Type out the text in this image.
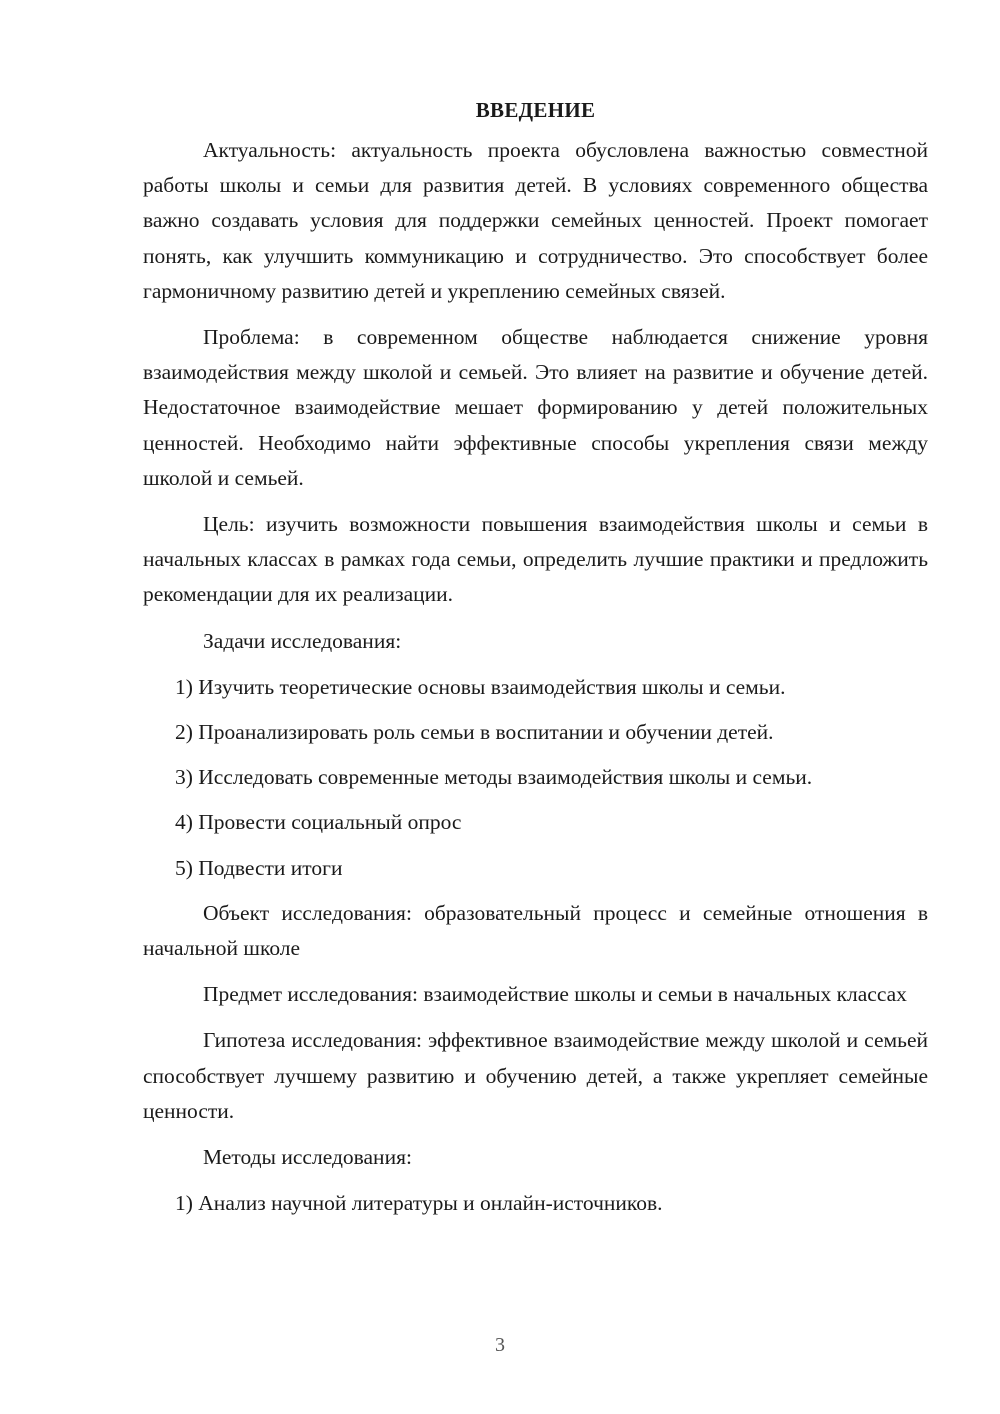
ВВЕДЕНИЕ

Актуальность: актуальность проекта обусловлена важностью совместной работы школы и семьи для развития детей. В условиях современного общества важно создавать условия для поддержки семейных ценностей. Проект помогает понять, как улучшить коммуникацию и сотрудничество. Это способствует более гармоничному развитию детей и укреплению семейных связей.

Проблема: в современном обществе наблюдается снижение уровня взаимодействия между школой и семьей. Это влияет на развитие и обучение детей. Недостаточное взаимодействие мешает формированию у детей положительных ценностей. Необходимо найти эффективные способы укрепления связи между школой и семьей.

Цель: изучить возможности повышения взаимодействия школы и семьи в начальных классах в рамках года семьи, определить лучшие практики и предложить рекомендации для их реализации.

Задачи исследования:

1) Изучить теоретические основы взаимодействия школы и семьи.
2) Проанализировать роль семьи в воспитании и обучении детей.
3) Исследовать современные методы взаимодействия школы и семьи.
4) Провести социальный опрос
5) Подвести итоги

Объект исследования: образовательный процесс и семейные отношения в начальной школе

Предмет исследования: взаимодействие школы и семьи в начальных классах

Гипотеза исследования: эффективное взаимодействие между школой и семьей способствует лучшему развитию и обучению детей, а также укрепляет семейные ценности.

Методы исследования:

1) Анализ научной литературы и онлайн-источников.
3
